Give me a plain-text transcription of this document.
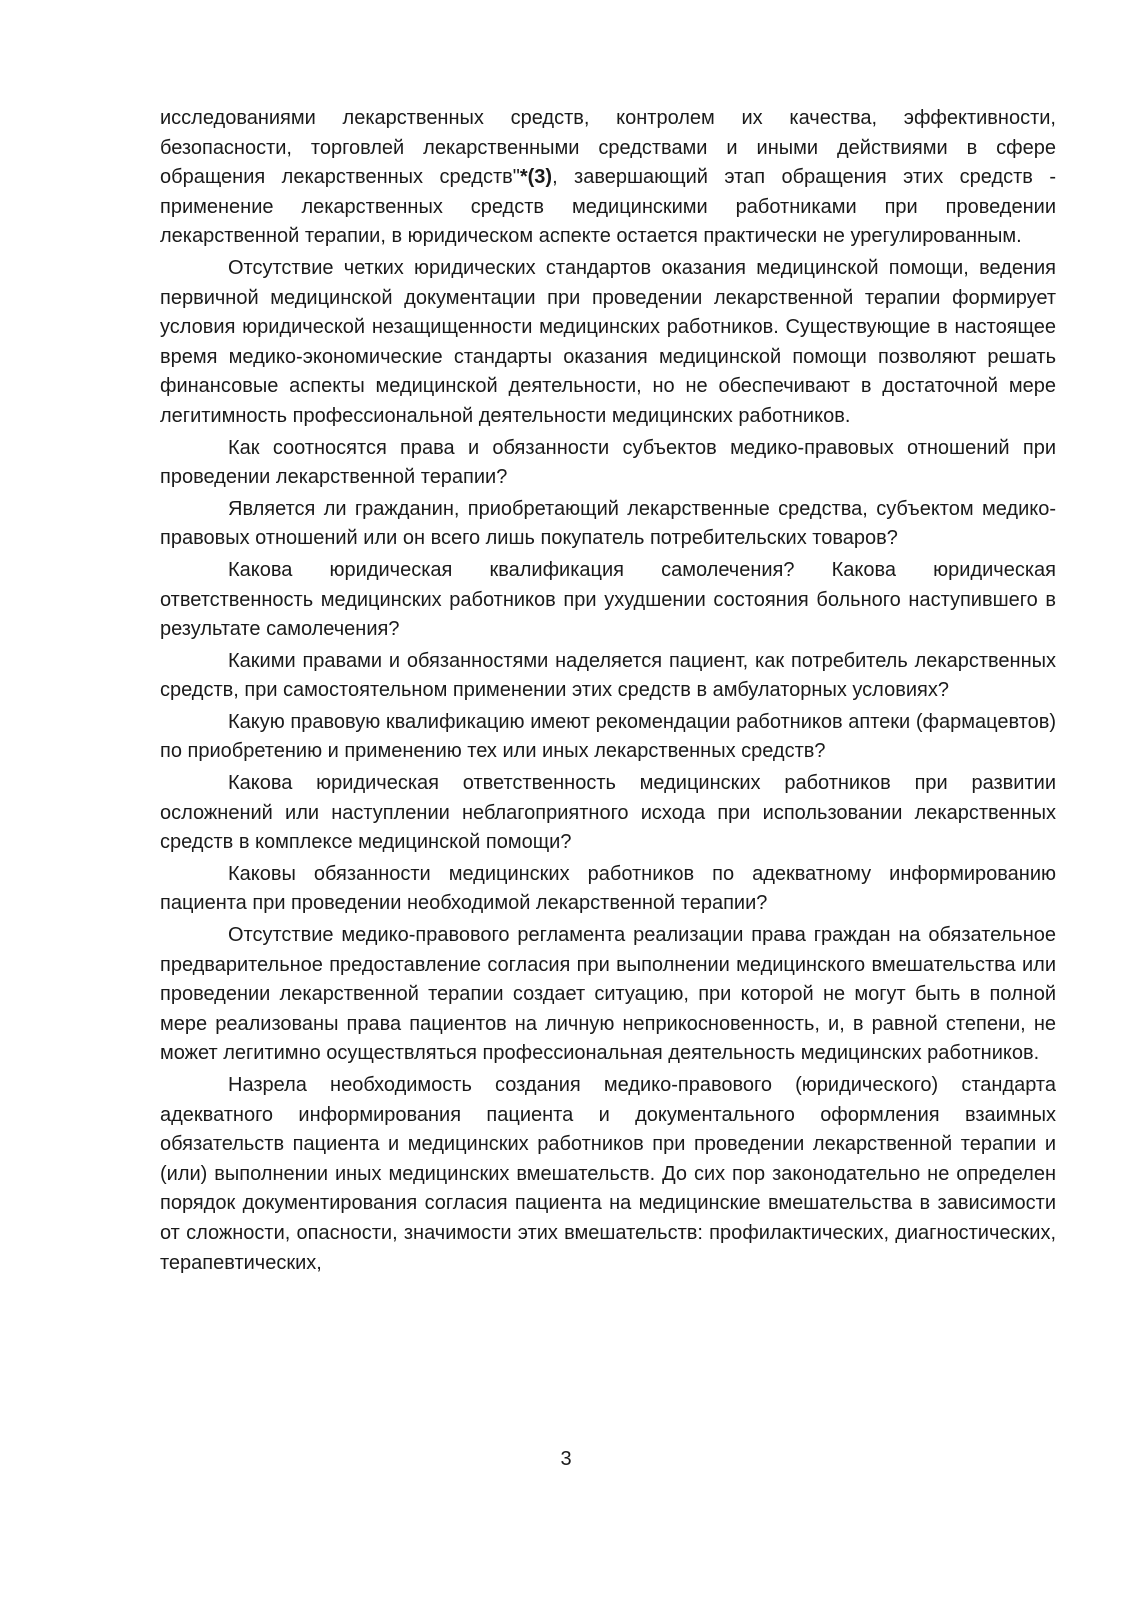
исследованиями лекарственных средств, контролем их качества, эффективности, безопасности, торговлей лекарственными средствами и иными действиями в сфере обращения лекарственных средств"*(3), завершающий этап обращения этих средств - применение лекарственных средств медицинскими работниками при проведении лекарственной терапии, в юридическом аспекте остается практически не урегулированным.

Отсутствие четких юридических стандартов оказания медицинской помощи, ведения первичной медицинской документации при проведении лекарственной терапии формирует условия юридической незащищенности медицинских работников. Существующие в настоящее время медико-экономические стандарты оказания медицинской помощи позволяют решать финансовые аспекты медицинской деятельности, но не обеспечивают в достаточной мере легитимность профессиональной деятельности медицинских работников.

Как соотносятся права и обязанности субъектов медико-правовых отношений при проведении лекарственной терапии?

Является ли гражданин, приобретающий лекарственные средства, субъектом медико-правовых отношений или он всего лишь покупатель потребительских товаров?

Какова юридическая квалификация самолечения? Какова юридическая ответственность медицинских работников при ухудшении состояния больного наступившего в результате самолечения?

Какими правами и обязанностями наделяется пациент, как потребитель лекарственных средств, при самостоятельном применении этих средств в амбулаторных условиях?

Какую правовую квалификацию имеют рекомендации работников аптеки (фармацевтов) по приобретению и применению тех или иных лекарственных средств?

Какова юридическая ответственность медицинских работников при развитии осложнений или наступлении неблагоприятного исхода при использовании лекарственных средств в комплексе медицинской помощи?

Каковы обязанности медицинских работников по адекватному информированию пациента при проведении необходимой лекарственной терапии?

Отсутствие медико-правового регламента реализации права граждан на обязательное предварительное предоставление согласия при выполнении медицинского вмешательства или проведении лекарственной терапии создает ситуацию, при которой не могут быть в полной мере реализованы права пациентов на личную неприкосновенность, и, в равной степени, не может легитимно осуществляться профессиональная деятельность медицинских работников.

Назрела необходимость создания медико-правового (юридического) стандарта адекватного информирования пациента и документального оформления взаимных обязательств пациента и медицинских работников при проведении лекарственной терапии и (или) выполнении иных медицинских вмешательств. До сих пор законодательно не определен порядок документирования согласия пациента на медицинские вмешательства в зависимости от сложности, опасности, значимости этих вмешательств: профилактических, диагностических, терапевтических,

3
